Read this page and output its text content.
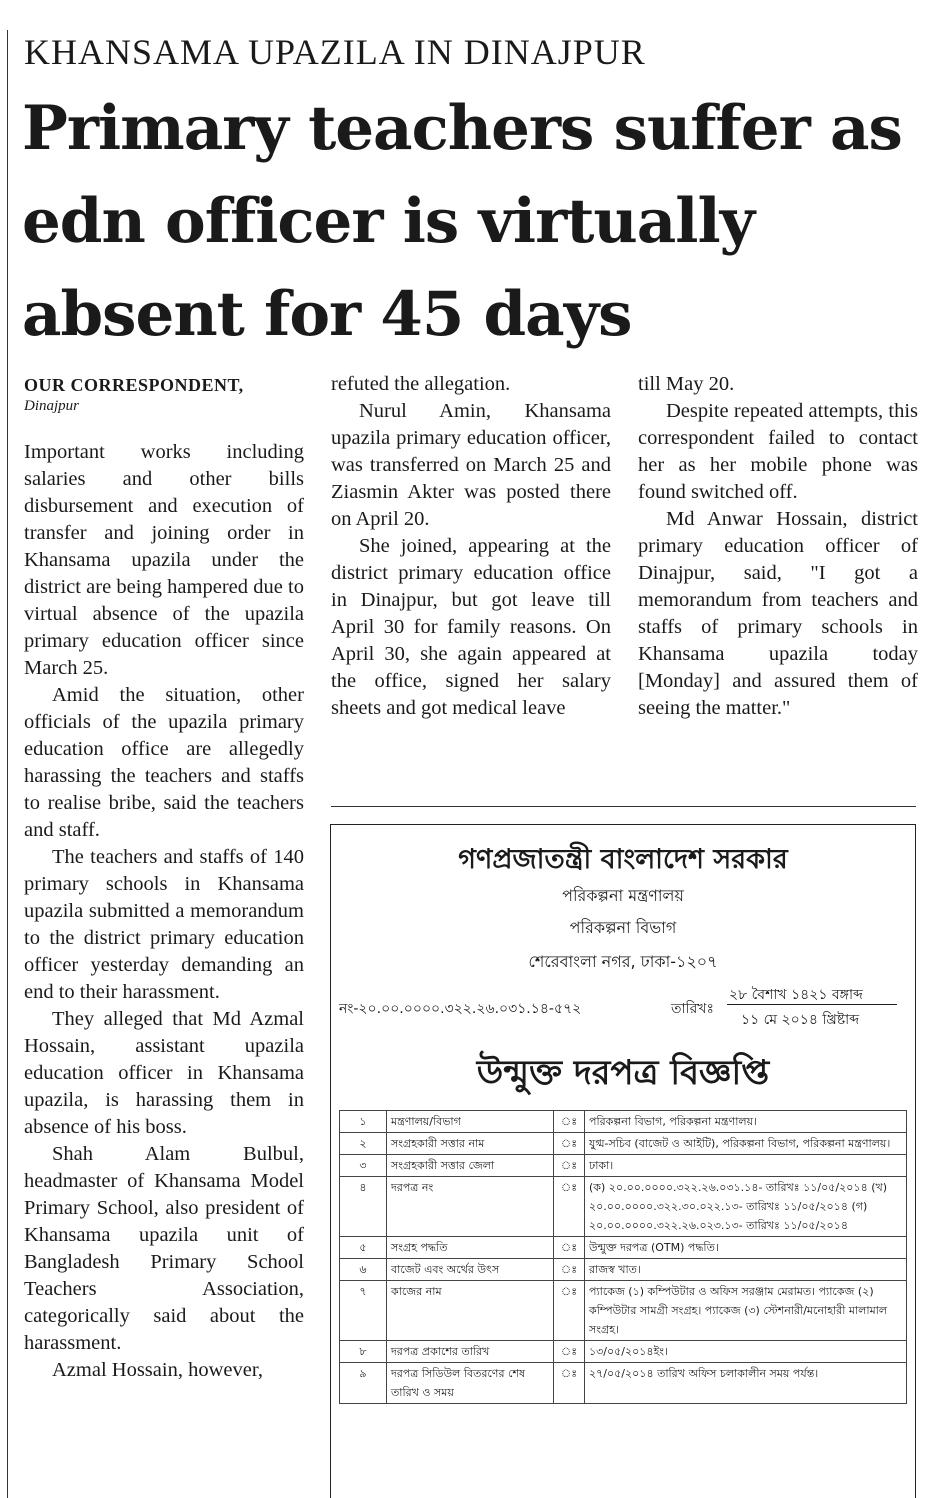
KHANSAMA UPAZILA IN DINAJPUR
Primary teachers suffer as edn officer is virtually absent for 45 days
OUR CORRESPONDENT,
Dinajpur

Important works including salaries and other bills disbursement and execution of transfer and joining order in Khansama upazila under the district are being hampered due to virtual absence of the upazila primary education officer since March 25.

Amid the situation, other officials of the upazila primary education office are allegedly harassing the teachers and staffs to realise bribe, said the teachers and staff.

The teachers and staffs of 140 primary schools in Khansama upazila submitted a memorandum to the district primary education officer yesterday demanding an end to their harassment.

They alleged that Md Azmal Hossain, assistant upazila education officer in Khansama upazila, is harassing them in absence of his boss.

Shah Alam Bulbul, headmaster of Khansama Model Primary School, also president of Khansama upazila unit of Bangladesh Primary School Teachers Association, categorically said about the harassment.

Azmal Hossain, however,

refuted the allegation.

Nurul Amin, Khansama upazila primary education officer, was transferred on March 25 and Ziasmin Akter was posted there on April 20.

She joined, appearing at the district primary education office in Dinajpur, but got leave till April 30 for family reasons. On April 30, she again appeared at the office, signed her salary sheets and got medical leave

till May 20.

Despite repeated attempts, this correspondent failed to contact her as her mobile phone was found switched off.

Md Anwar Hossain, district primary education officer of Dinajpur, said, "I got a memorandum from teachers and staffs of primary schools in Khansama upazila today [Monday] and assured them of seeing the matter."

গণপ্রজাতন্ত্রী বাংলাদেশ সরকার
পরিকল্পনা মন্ত্রণালয়
পরিকল্পনা বিভাগ
শেরেবাংলা নগর, ঢাকা-১২০৭
নং-২০.০০.০০০০.৩২২.২৬.০৩১.১৪-৫৭২	তারিখঃ
২৮ বৈশাখ ১৪২১ বঙ্গাব্দ
১১ মে ২০১৪ খ্রিষ্টাব্দ
উন্মুক্ত দরপত্র বিজ্ঞপ্তি
১	মন্ত্রণালয়/বিভাগ	ঃ	পরিকল্পনা বিভাগ, পরিকল্পনা মন্ত্রণালয়।
২	সংগ্রহকারী সত্তার নাম	ঃ	যুগ্ম-সচিব (বাজেট ও আইটি), পরিকল্পনা বিভাগ, পরিকল্পনা মন্ত্রণালয়।
৩	সংগ্রহকারী সত্তার জেলা	ঃ	ঢাকা।
৪	দরপত্র নং	ঃ	(ক) ২০.০০.০০০০.৩২২.২৬.০৩১.১৪- তারিখঃ ১১/০৫/২০১৪ (খ) ২০.০০.০০০০.৩২২.৩০.০২২.১৩- তারিখঃ ১১/০৫/২০১৪ (গ) ২০.০০.০০০০.৩২২.২৬.০২৩.১৩- তারিখঃ ১১/০৫/২০১৪
৫	সংগ্রহ পদ্ধতি	ঃ	উন্মুক্ত দরপত্র (OTM) পদ্ধতি।
৬	বাজেট এবং অর্থের উৎস	ঃ	রাজস্ব খাত।
৭	কাজের নাম	ঃ	প্যাকেজ (১) কম্পিউটার ও অফিস সরঞ্জাম মেরামত। প্যাকেজ (২) কম্পিউটার সামগ্রী সংগ্রহ। প্যাকেজ (৩) স্টেশনারী/মনোহারী মালামাল সংগ্রহ।
৮	দরপত্র প্রকাশের তারিখ	ঃ	১৩/০৫/২০১৪ইং।
৯	দরপত্র সিডিউল বিতরণের শেষ তারিখ ও সময়	ঃ	২৭/০৫/২০১৪ তারিখ অফিস চলাকালীন সময় পর্যন্ত।
